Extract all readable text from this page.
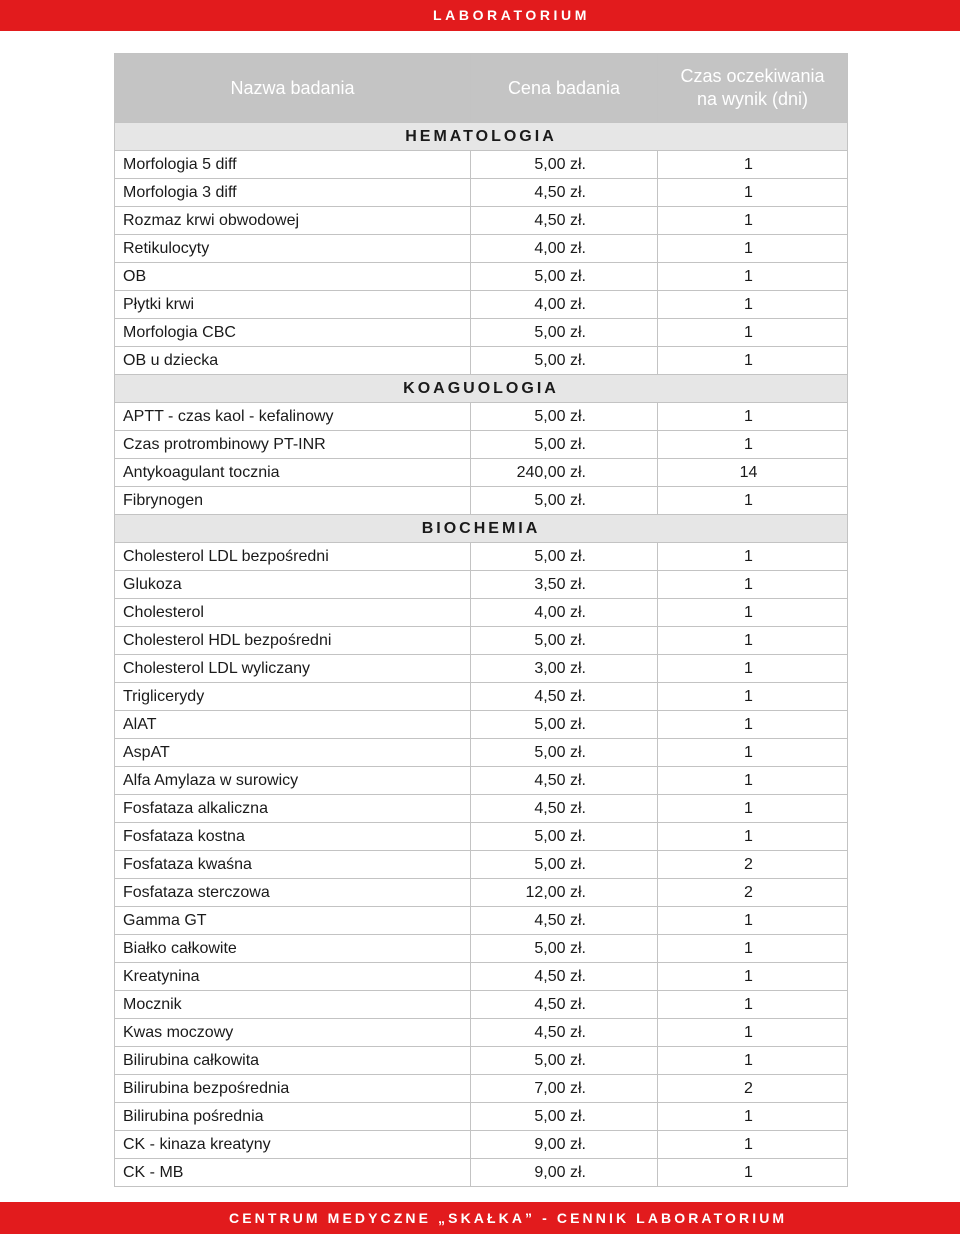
LABORATORIUM
Nazwa badania	Cena badania	Czas oczekiwania
na wynik (dni)
HEMATOLOGIA		
Morfologia 5 diff	5,00 zł.	1
Morfologia 3 diff	4,50 zł.	1
Rozmaz krwi obwodowej	4,50 zł.	1
Retikulocyty	4,00 zł.	1
OB	5,00 zł.	1
Płytki krwi	4,00 zł.	1
Morfologia CBC	5,00 zł.	1
OB u dziecka	5,00 zł.	1
KOAGUOLOGIA		
APTT - czas kaol - kefalinowy	5,00 zł.	1
Czas protrombinowy PT-INR	5,00 zł.	1
Antykoagulant tocznia	240,00 zł.	14
Fibrynogen	5,00 zł.	1
BIOCHEMIA		
Cholesterol LDL bezpośredni	5,00 zł.	1
Glukoza	3,50 zł.	1
Cholesterol	4,00 zł.	1
Cholesterol HDL bezpośredni	5,00 zł.	1
Cholesterol LDL wyliczany	3,00 zł.	1
Triglicerydy	4,50 zł.	1
AlAT	5,00 zł.	1
AspAT	5,00 zł.	1
Alfa Amylaza w surowicy	4,50 zł.	1
Fosfataza alkaliczna	4,50 zł.	1
Fosfataza kostna	5,00 zł.	1
Fosfataza kwaśna	5,00 zł.	2
Fosfataza sterczowa	12,00 zł.	2
Gamma GT	4,50 zł.	1
Białko całkowite	5,00 zł.	1
Kreatynina	4,50 zł.	1
Mocznik	4,50 zł.	1
Kwas moczowy	4,50 zł.	1
Bilirubina całkowita	5,00 zł.	1
Bilirubina bezpośrednia	7,00 zł.	2
Bilirubina pośrednia	5,00 zł.	1
CK - kinaza kreatyny	9,00 zł.	1
CK - MB	9,00 zł.	1
CENTRUM MEDYCZNE „SKAŁKA” - CENNIK LABORATORIUM
